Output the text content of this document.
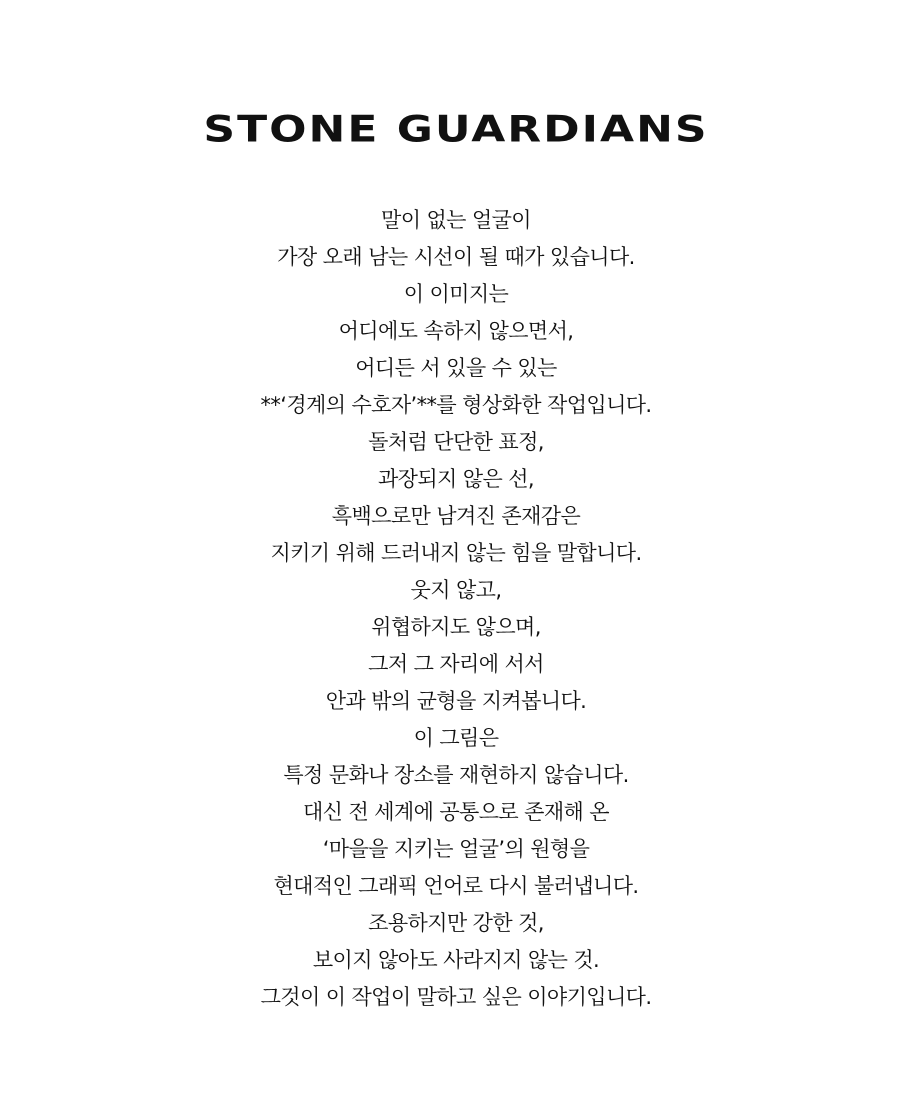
STONE GUARDIANS
말이 없는 얼굴이
가장 오래 남는 시선이 될 때가 있습니다.
이 이미지는
어디에도 속하지 않으면서,
어디든 서 있을 수 있는
**‘경계의 수호자’**를 형상화한 작업입니다.
돌처럼 단단한 표정,
과장되지 않은 선,
흑백으로만 남겨진 존재감은
지키기 위해 드러내지 않는 힘을 말합니다.
웃지 않고,
위협하지도 않으며,
그저 그 자리에 서서
안과 밖의 균형을 지켜봅니다.
이 그림은
특정 문화나 장소를 재현하지 않습니다.
대신 전 세계에 공통으로 존재해 온
‘마을을 지키는 얼굴’의 원형을
현대적인 그래픽 언어로 다시 불러냅니다.
조용하지만 강한 것,
보이지 않아도 사라지지 않는 것.
그것이 이 작업이 말하고 싶은 이야기입니다.
